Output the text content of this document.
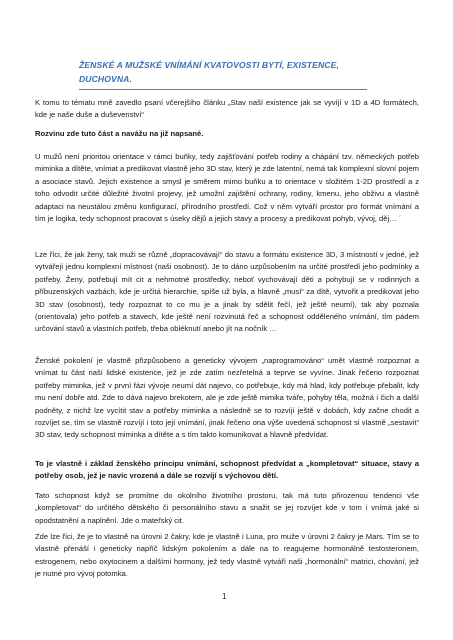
ŽENSKÉ A MUŽSKÉ VNÍMÁNÍ KVATOVOSTI BYTÍ, EXISTENCE, DUCHOVNA.
K tomu to tématu mně zavedlo psaní včerejšího článku „Stav naší existence jak se vyvíjí v 1D a 4D formátech, kde je naše duše a duševenství“
Rozvinu zde tuto část a navážu na již napsané.
U mužů není prioritou orientace v rámci buňky, tedy zajišťování potřeb rodiny a chápání tzv. německých potřeb miminka a dítěte, vnímat a predikovat vlastně jeho 3D stav, který je zde latentní, nemá tak komplexní slovní pojem a asociace stavů. Jejich existence a smysl je směrem mimo buňku a to orientace v složitém 1-2D prostředí a z toho odvodit určité důležité životní projevy, jež umožní zajištění ochrany, rodiny, kmenu, jeho obživu a vlastně adaptaci na neustálou změnu konfigurací, přírodního prostředí. Což v něm vytváří prostor pro formát vnímání a tím je logika, tedy schopnost pracovat s úseky dějů a jejich stavy a procesy a predikovat pohyb, vývoj, děj… ´
Lze říci, že jak ženy, tak muži se různě „dopracovávají“ do stavu a formátu existence 3D, 3 místností v jedné, jež vytvářejí jednu komplexní místnost (naši osobnost). Je to dáno uzpůsobením na určité prostředí jeho podmínky a potřeby. Ženy, potřebují mít cit a nehmotné prostředky, neboť vychovávají děti a pohybují se v rodinných a příbuzenských vazbách, kde je určitá hierarchie, spíše už byla, a hlavně „musí“ za dítě, vytvořit a predikovat jeho 3D stav (osobnost), tedy rozpoznat to co mu je a jinak by sdělit řečí, jež ještě neumí), tak aby poznala (orientovala) jeho potřeb a stavech, kde ještě není rozvinutá řeč a schopnost odděleného vnímání, tím pádem určování stavů a vlastních potřeb, třeba obléknutí anebo jít na nočník …
Ženské pokolení je vlastně přizpůsobeno a geneticky vývojem „naprogramováno“ umět vlastně rozpoznat a vnímat tu část naší lidské existence, jež je zde zatím nezřetelná a teprve se vyvíne. Jinak řečeno rozpoznat potřeby miminka, jež v první fázi vývoje neumí dát najevo, co potřebuje, kdy má hlad, kdy potřebuje přebalit, kdy mu není dobře atd. Zde to dává najevo brekotem, ale je zde ještě mimika tváře, pohyby těla, možná i čich a další podněty, z nichž lze vycítit stav a potřeby miminka a následně se to rozvíjí ještě v dobách, kdy začne chodit a rozvíjet se, tím se vlastně rozvíjí i toto její vnímání, jinak řečeno ona výše uvedená schopnost si vlastně „sestavit“ 3D stav, tedy schopnost miminka a dítěte a s tím takto komunikovat a hlavně předvídat.
To je vlastně i základ ženského principu vnímání, schopnost předvídat a „kompletovat“ situace, stavy a potřeby osob, jež je navíc vrozená a dále se rozvíjí s výchovou dětí.
Tato schopnost když se promítne do okolního životního prostoru, tak má tuto přirozenou tendenci vše „kompletovat“ do určitého dětského či personálního stavu a snažit se jej rozvíjet kde v tom i vnímá jaké si opodstatnění a naplnění. Jde o mateřský cit.
Zde lze říci, že je to vlastně na úrovni 2 čakry, kde je vlastně i Luna, pro muže v úrovni 2 čakry je Mars. Tím se to vlastně přenáší i geneticky napříč lidským pokolením a dále na to reagujeme hormonálně testosteronem, estrogenem, nebo oxytocinem a dalšími hormony, jež tedy vlastně vytváří naši „hormonální“ matrici, chování, jež je nutné pro vývoj potomka.
1
